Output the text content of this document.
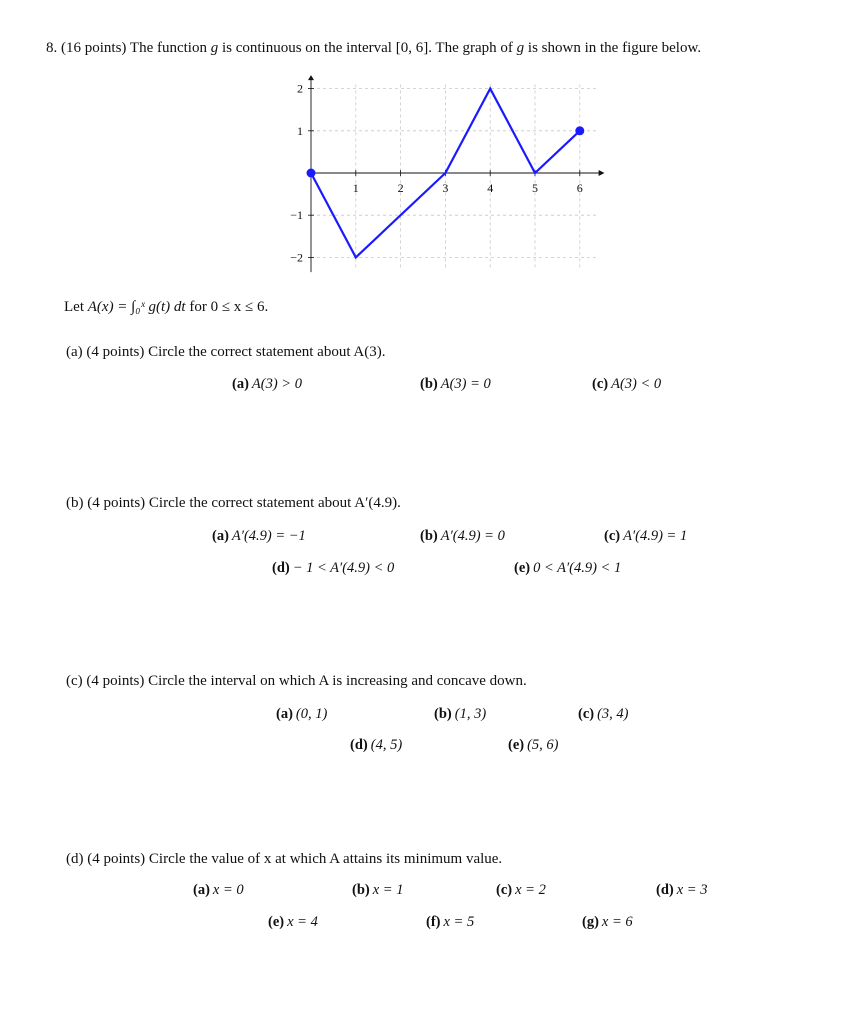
8. (16 points) The function g is continuous on the interval [0, 6]. The graph of g is shown in the figure below.
1	2	3	4	5	6
2
1
−1
−2
Let A(x) = ∫₀ˣ g(t) dt for 0 ≤ x ≤ 6.
(a) (4 points) Circle the correct statement about A(3).
(a) A(3) > 0	(b) A(3) = 0	(c) A(3) < 0
(b) (4 points) Circle the correct statement about A′(4.9).
(a) A′(4.9) = −1	(b) A′(4.9) = 0	(c) A′(4.9) = 1
(d) − 1 < A′(4.9) < 0	(e) 0 < A′(4.9) < 1
(c) (4 points) Circle the interval on which A is increasing and concave down.
(a) (0, 1)	(b) (1, 3)	(c) (3, 4)
(d) (4, 5)	(e) (5, 6)
(d) (4 points) Circle the value of x at which A attains its minimum value.
(a) x = 0	(b) x = 1	(c) x = 2	(d) x = 3
(e) x = 4	(f) x = 5	(g) x = 6
